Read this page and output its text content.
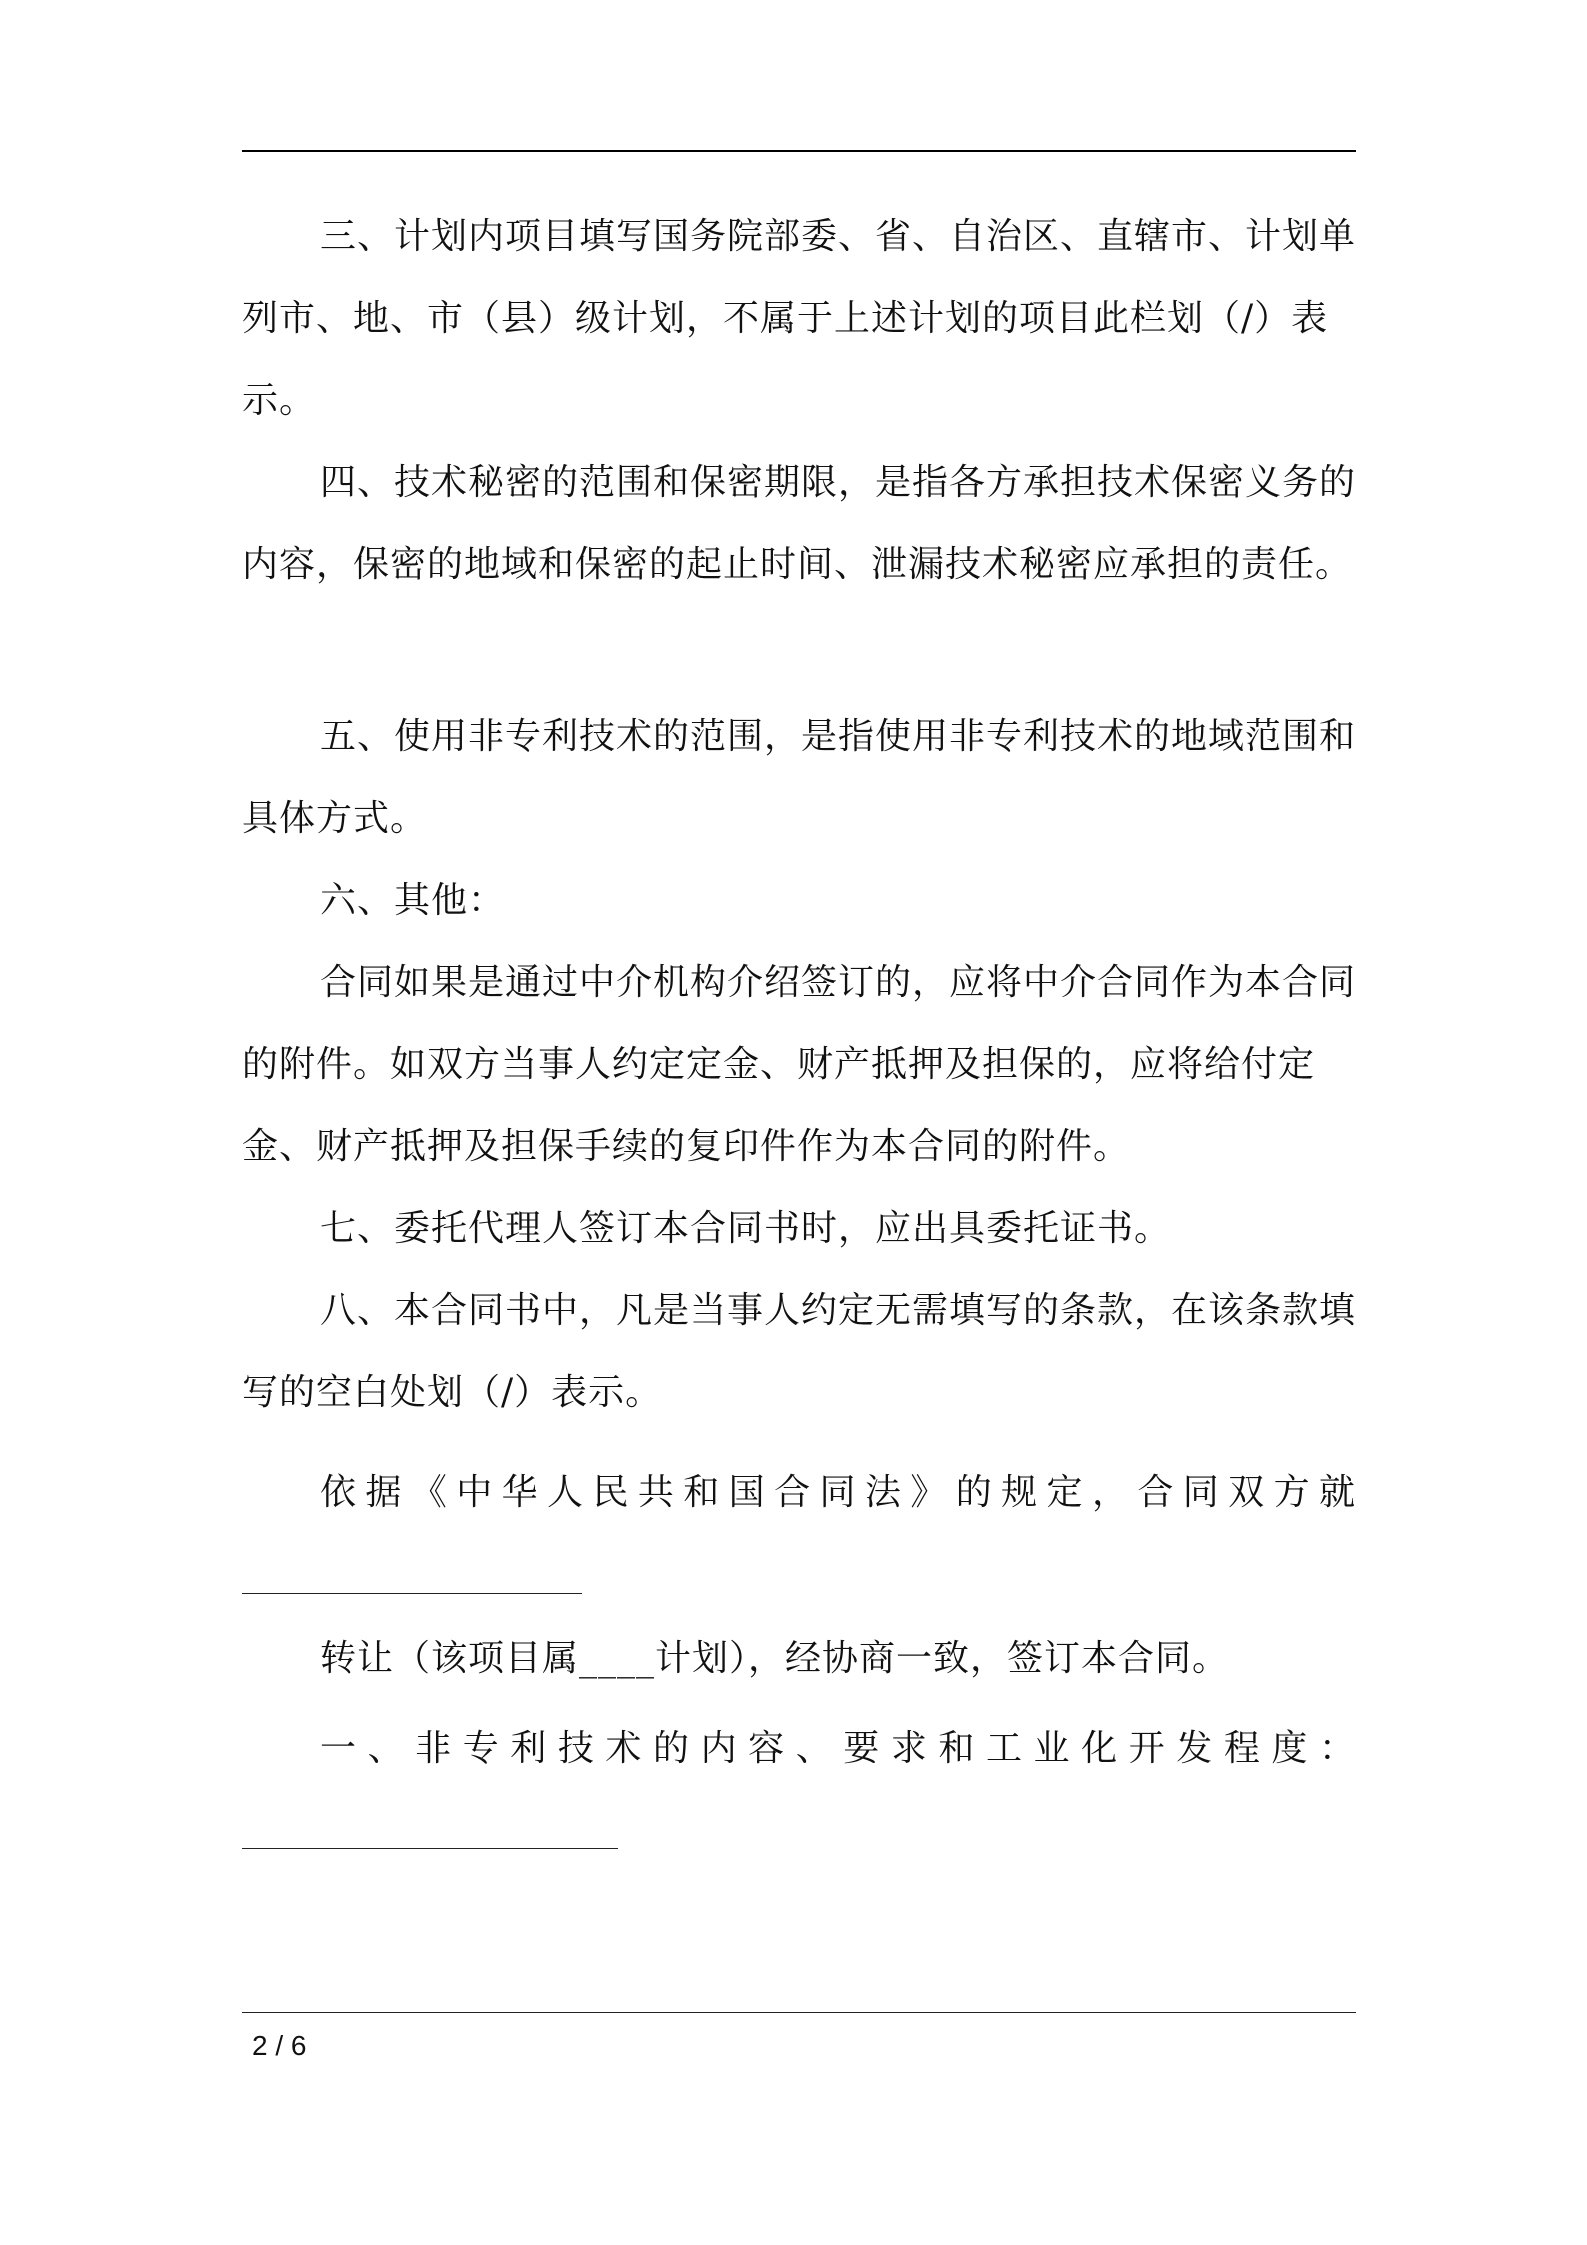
三、计划内项目填写国务院部委、省、自治区、直辖市、计划单列市、地、市（县）级计划，不属于上述计划的项目此栏划（/）表示。

四、技术秘密的范围和保密期限，是指各方承担技术保密义务的内容，保密的地域和保密的起止时间、泄漏技术秘密应承担的责任。

五、使用非专利技术的范围，是指使用非专利技术的地域范围和具体方式。

六、其他：

合同如果是通过中介机构介绍签订的，应将中介合同作为本合同的附件。如双方当事人约定定金、财产抵押及担保的，应将给付定金、财产抵押及担保手续的复印件作为本合同的附件。

七、委托代理人签订本合同书时，应出具委托证书。

八、本合同书中，凡是当事人约定无需填写的条款，在该条款填写的空白处划（/）表示。

依据《中华人民共和国合同法》的规定，合同双方就

转让（该项目属____计划），经协商一致，签订本合同。

一、非专利技术的内容、要求和工业化开发程度：

2 / 6
